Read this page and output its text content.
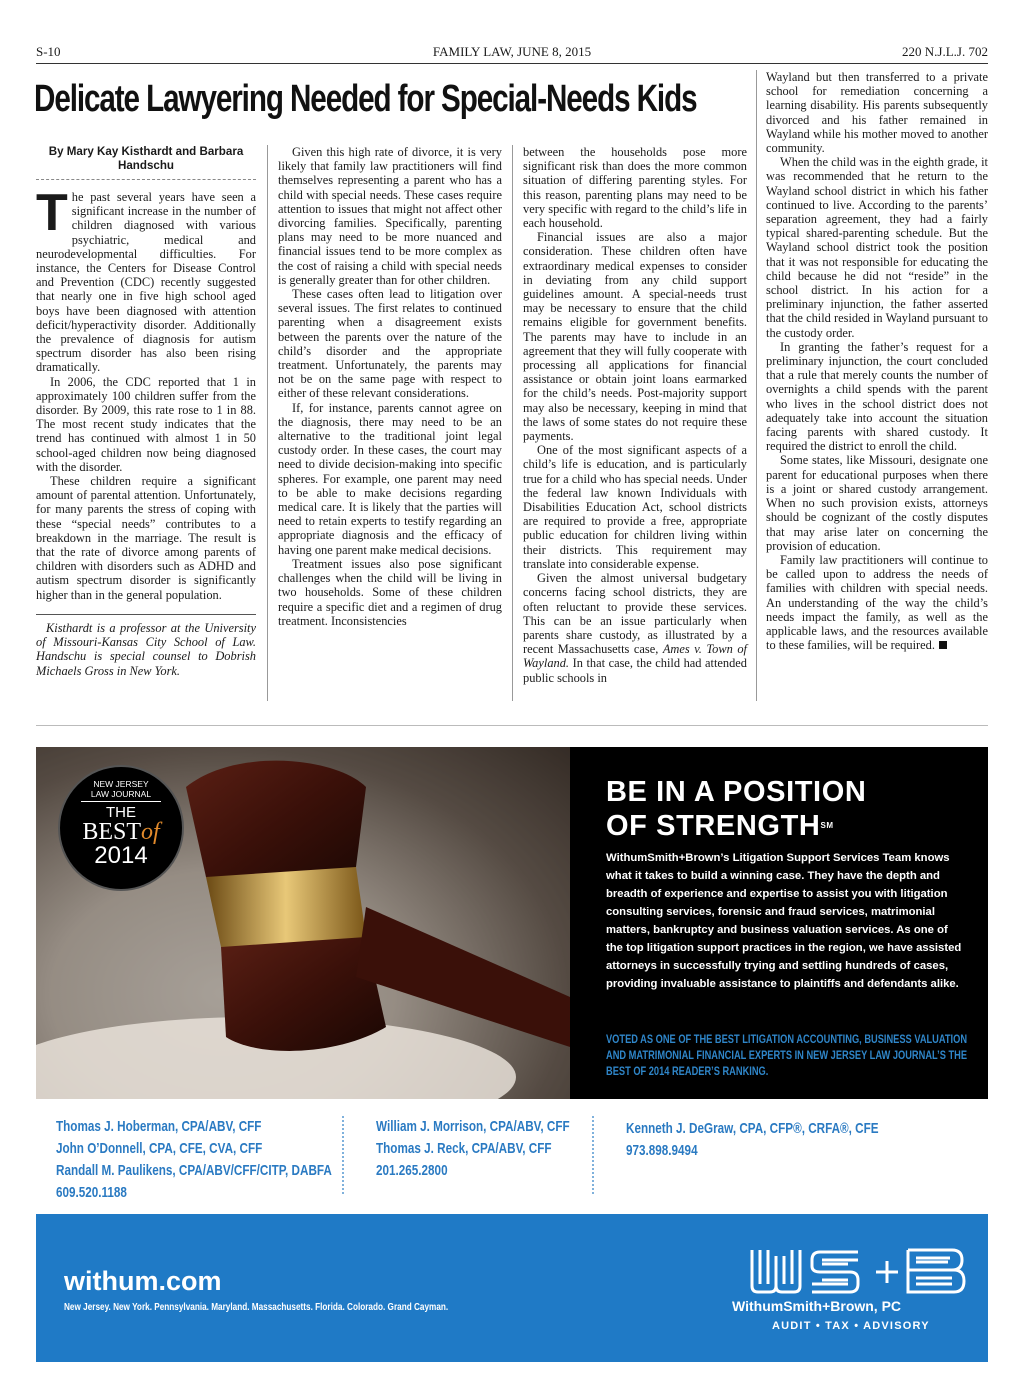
S-10	FAMILY LAW, JUNE 8, 2015	220 N.J.L.J. 702
Delicate Lawyering Needed for Special-Needs Kids
By Mary Kay Kisthardt and Barbara Handschu

The past several years have seen a significant increase in the number of children diagnosed with various psychiatric, medical and neurodevelopmental difficulties. For instance, the Centers for Disease Control and Prevention (CDC) recently suggested that nearly one in five high school aged boys have been diagnosed with attention deficit/hyperactivity disorder. Additionally the prevalence of diagnosis for autism spectrum disorder has also been rising dramatically.

In 2006, the CDC reported that 1 in approximately 100 children suffer from the disorder. By 2009, this rate rose to 1 in 88. The most recent study indicates that the trend has continued with almost 1 in 50 school-aged children now being diagnosed with the disorder.

These children require a significant amount of parental attention. Unfortunately, for many parents the stress of coping with these “special needs” contributes to a breakdown in the marriage. The result is that the rate of divorce among parents of children with disorders such as ADHD and autism spectrum disorder is significantly higher than in the general population.

Kisthardt is a professor at the University of Missouri-Kansas City School of Law. Handschu is special counsel to Dobrish Michaels Gross in New York.

Given this high rate of divorce, it is very likely that family law practitioners will find themselves representing a parent who has a child with special needs. These cases require attention to issues that might not affect other divorcing families. Specifically, parenting plans may need to be more nuanced and financial issues tend to be more complex as the cost of raising a child with special needs is generally greater than for other children.

These cases often lead to litigation over several issues. The first relates to continued parenting when a disagreement exists between the parents over the nature of the child’s disorder and the appropriate treatment. Unfortunately, the parents may not be on the same page with respect to either of these relevant considerations.

If, for instance, parents cannot agree on the diagnosis, there may need to be an alternative to the traditional joint legal custody order. In these cases, the court may need to divide decision-making into specific spheres. For example, one parent may need to be able to make decisions regarding medical care. It is likely that the parties will need to retain experts to testify regarding an appropriate diagnosis and the efficacy of having one parent make medical decisions.

Treatment issues also pose significant challenges when the child will be living in two households. Some of these children require a specific diet and a regimen of drug treatment. Inconsistencies

between the households pose more significant risk than does the more common situation of differing parenting styles. For this reason, parenting plans may need to be very specific with regard to the child’s life in each household.

Financial issues are also a major consideration. These children often have extraordinary medical expenses to consider in deviating from any child support guidelines amount. A special-needs trust may be necessary to ensure that the child remains eligible for government benefits. The parents may have to include in an agreement that they will fully cooperate with processing all applications for financial assistance or obtain joint loans earmarked for the child’s needs. Post-majority support may also be necessary, keeping in mind that the laws of some states do not require these payments.

One of the most significant aspects of a child’s life is education, and is particularly true for a child who has special needs. Under the federal law known Individuals with Disabilities Education Act, school districts are required to provide a free, appropriate public education for children living within their districts. This requirement may translate into considerable expense.

Given the almost universal budgetary concerns facing school districts, they are often reluctant to provide these services. This can be an issue particularly when parents share custody, as illustrated by a recent Massachusetts case, Ames v. Town of Wayland. In that case, the child had attended public schools in

Wayland but then transferred to a private school for remediation concerning a learning disability. His parents subsequently divorced and his father remained in Wayland while his mother moved to another community.

When the child was in the eighth grade, it was recommended that he return to the Wayland school district in which his father continued to live. According to the parents’ separation agreement, they had a fairly typical shared-parenting schedule. But the Wayland school district took the position that it was not responsible for educating the child because he did not “reside” in the school district. In his action for a preliminary injunction, the father asserted that the child resided in Wayland pursuant to the custody order.

In granting the father’s request for a preliminary injunction, the court concluded that a rule that merely counts the number of overnights a child spends with the parent who lives in the school district does not adequately take into account the situation facing parents with shared custody. It required the district to enroll the child.

Some states, like Missouri, designate one parent for educational purposes when there is a joint or shared custody arrangement. When no such provision exists, attorneys should be cognizant of the costly disputes that may arise later on concerning the provision of education.

Family law practitioners will continue to be called upon to address the needs of families with children with special needs. An understanding of the way the child’s needs impact the family, as well as the applicable laws, and the resources available to these families, will be required.

NEW JERSEY
LAW JOURNAL
THE
BESTof
2014
BE IN A POSITION
OF STRENGTH℠
WithumSmith+Brown’s Litigation Support Services Team knows what it takes to build a winning case. They have the depth and breadth of experience and expertise to assist you with litigation consulting services, forensic and fraud services, matrimonial matters, bankruptcy and business valuation services. As one of the top litigation support practices in the region, we have assisted attorneys in successfully trying and settling hundreds of cases, providing invaluable assistance to plaintiffs and defendants alike.
VOTED AS ONE OF THE BEST LITIGATION ACCOUNTING, BUSINESS VALUATION AND MATRIMONIAL FINANCIAL EXPERTS IN NEW JERSEY LAW JOURNAL’S THE BEST OF 2014 READER’S RANKING.
Thomas J. Hoberman, CPA/ABV, CFF
John O’Donnell, CPA, CFE, CVA, CFF
Randall M. Paulikens, CPA/ABV/CFF/CITP, DABFA
609.520.1188
William J. Morrison, CPA/ABV, CFF
Thomas J. Reck, CPA/ABV, CFF
201.265.2800
Kenneth J. DeGraw, CPA, CFP®, CRFA®, CFE
973.898.9494
withum.com
New Jersey. New York. Pennsylvania. Maryland. Massachusetts. Florida. Colorado. Grand Cayman.	WithumSmith+Brown, PC
AUDIT • TAX • ADVISORY
